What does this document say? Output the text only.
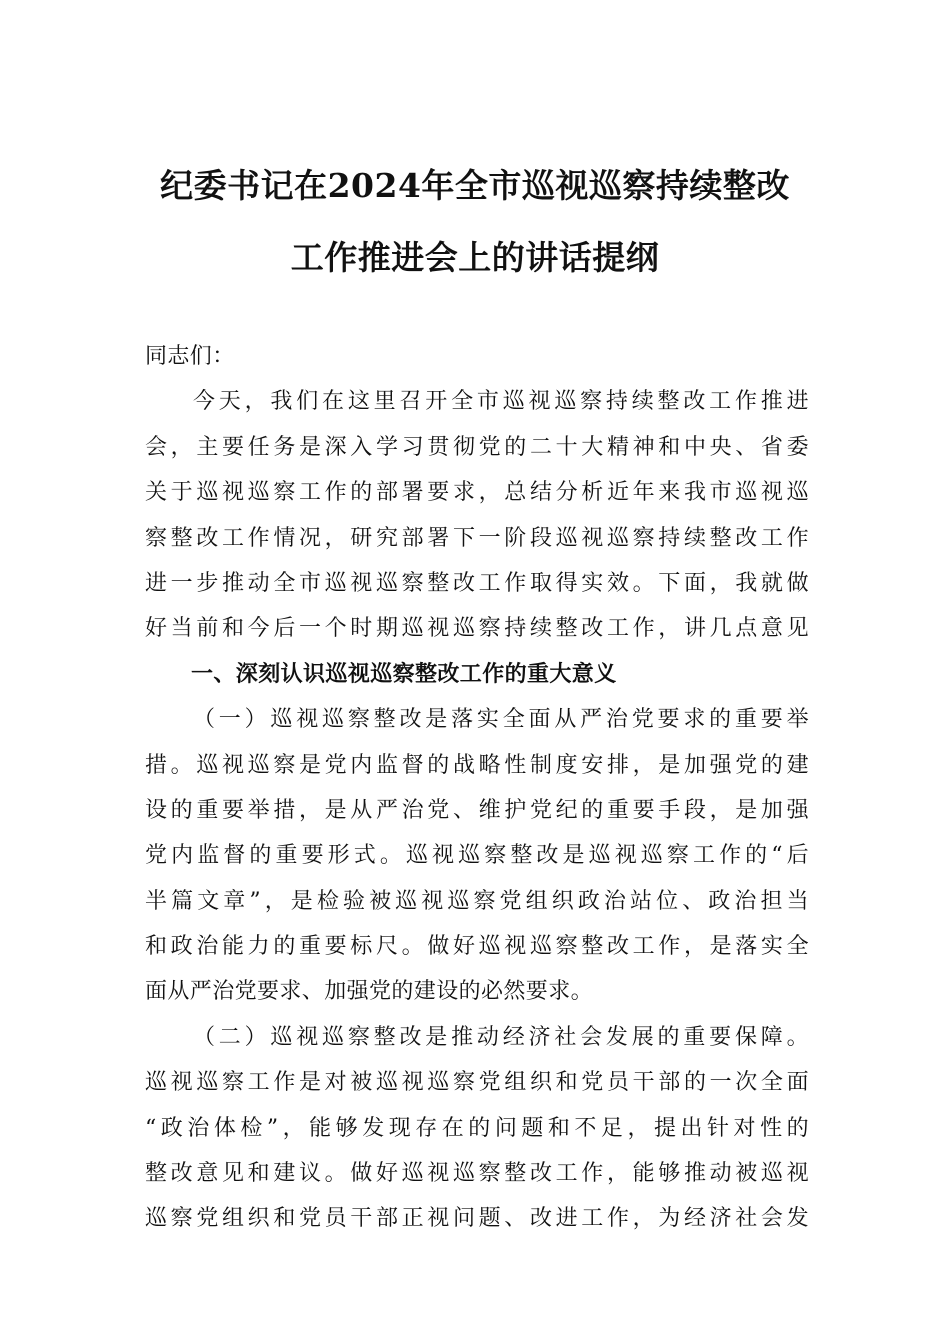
纪委书记在2024年全市巡视巡察持续整改
工作推进会上的讲话提纲
同志们：
今天，我们在这里召开全市巡视巡察持续整改工作推进
会，主要任务是深入学习贯彻党的二十大精神和中央、省委
关于巡视巡察工作的部署要求，总结分析近年来我市巡视巡
察整改工作情况，研究部署下一阶段巡视巡察持续整改工作
进一步推动全市巡视巡察整改工作取得实效。下面，我就做
好当前和今后一个时期巡视巡察持续整改工作，讲几点意见
一、深刻认识巡视巡察整改工作的重大意义
（一）巡视巡察整改是落实全面从严治党要求的重要举
措。巡视巡察是党内监督的战略性制度安排，是加强党的建
设的重要举措，是从严治党、维护党纪的重要手段，是加强
党内监督的重要形式。巡视巡察整改是巡视巡察工作的“后
半篇文章”，是检验被巡视巡察党组织政治站位、政治担当
和政治能力的重要标尺。做好巡视巡察整改工作，是落实全
面从严治党要求、加强党的建设的必然要求。
（二）巡视巡察整改是推动经济社会发展的重要保障。
巡视巡察工作是对被巡视巡察党组织和党员干部的一次全面
“政治体检”，能够发现存在的问题和不足，提出针对性的
整改意见和建议。做好巡视巡察整改工作，能够推动被巡视
巡察党组织和党员干部正视问题、改进工作，为经济社会发
